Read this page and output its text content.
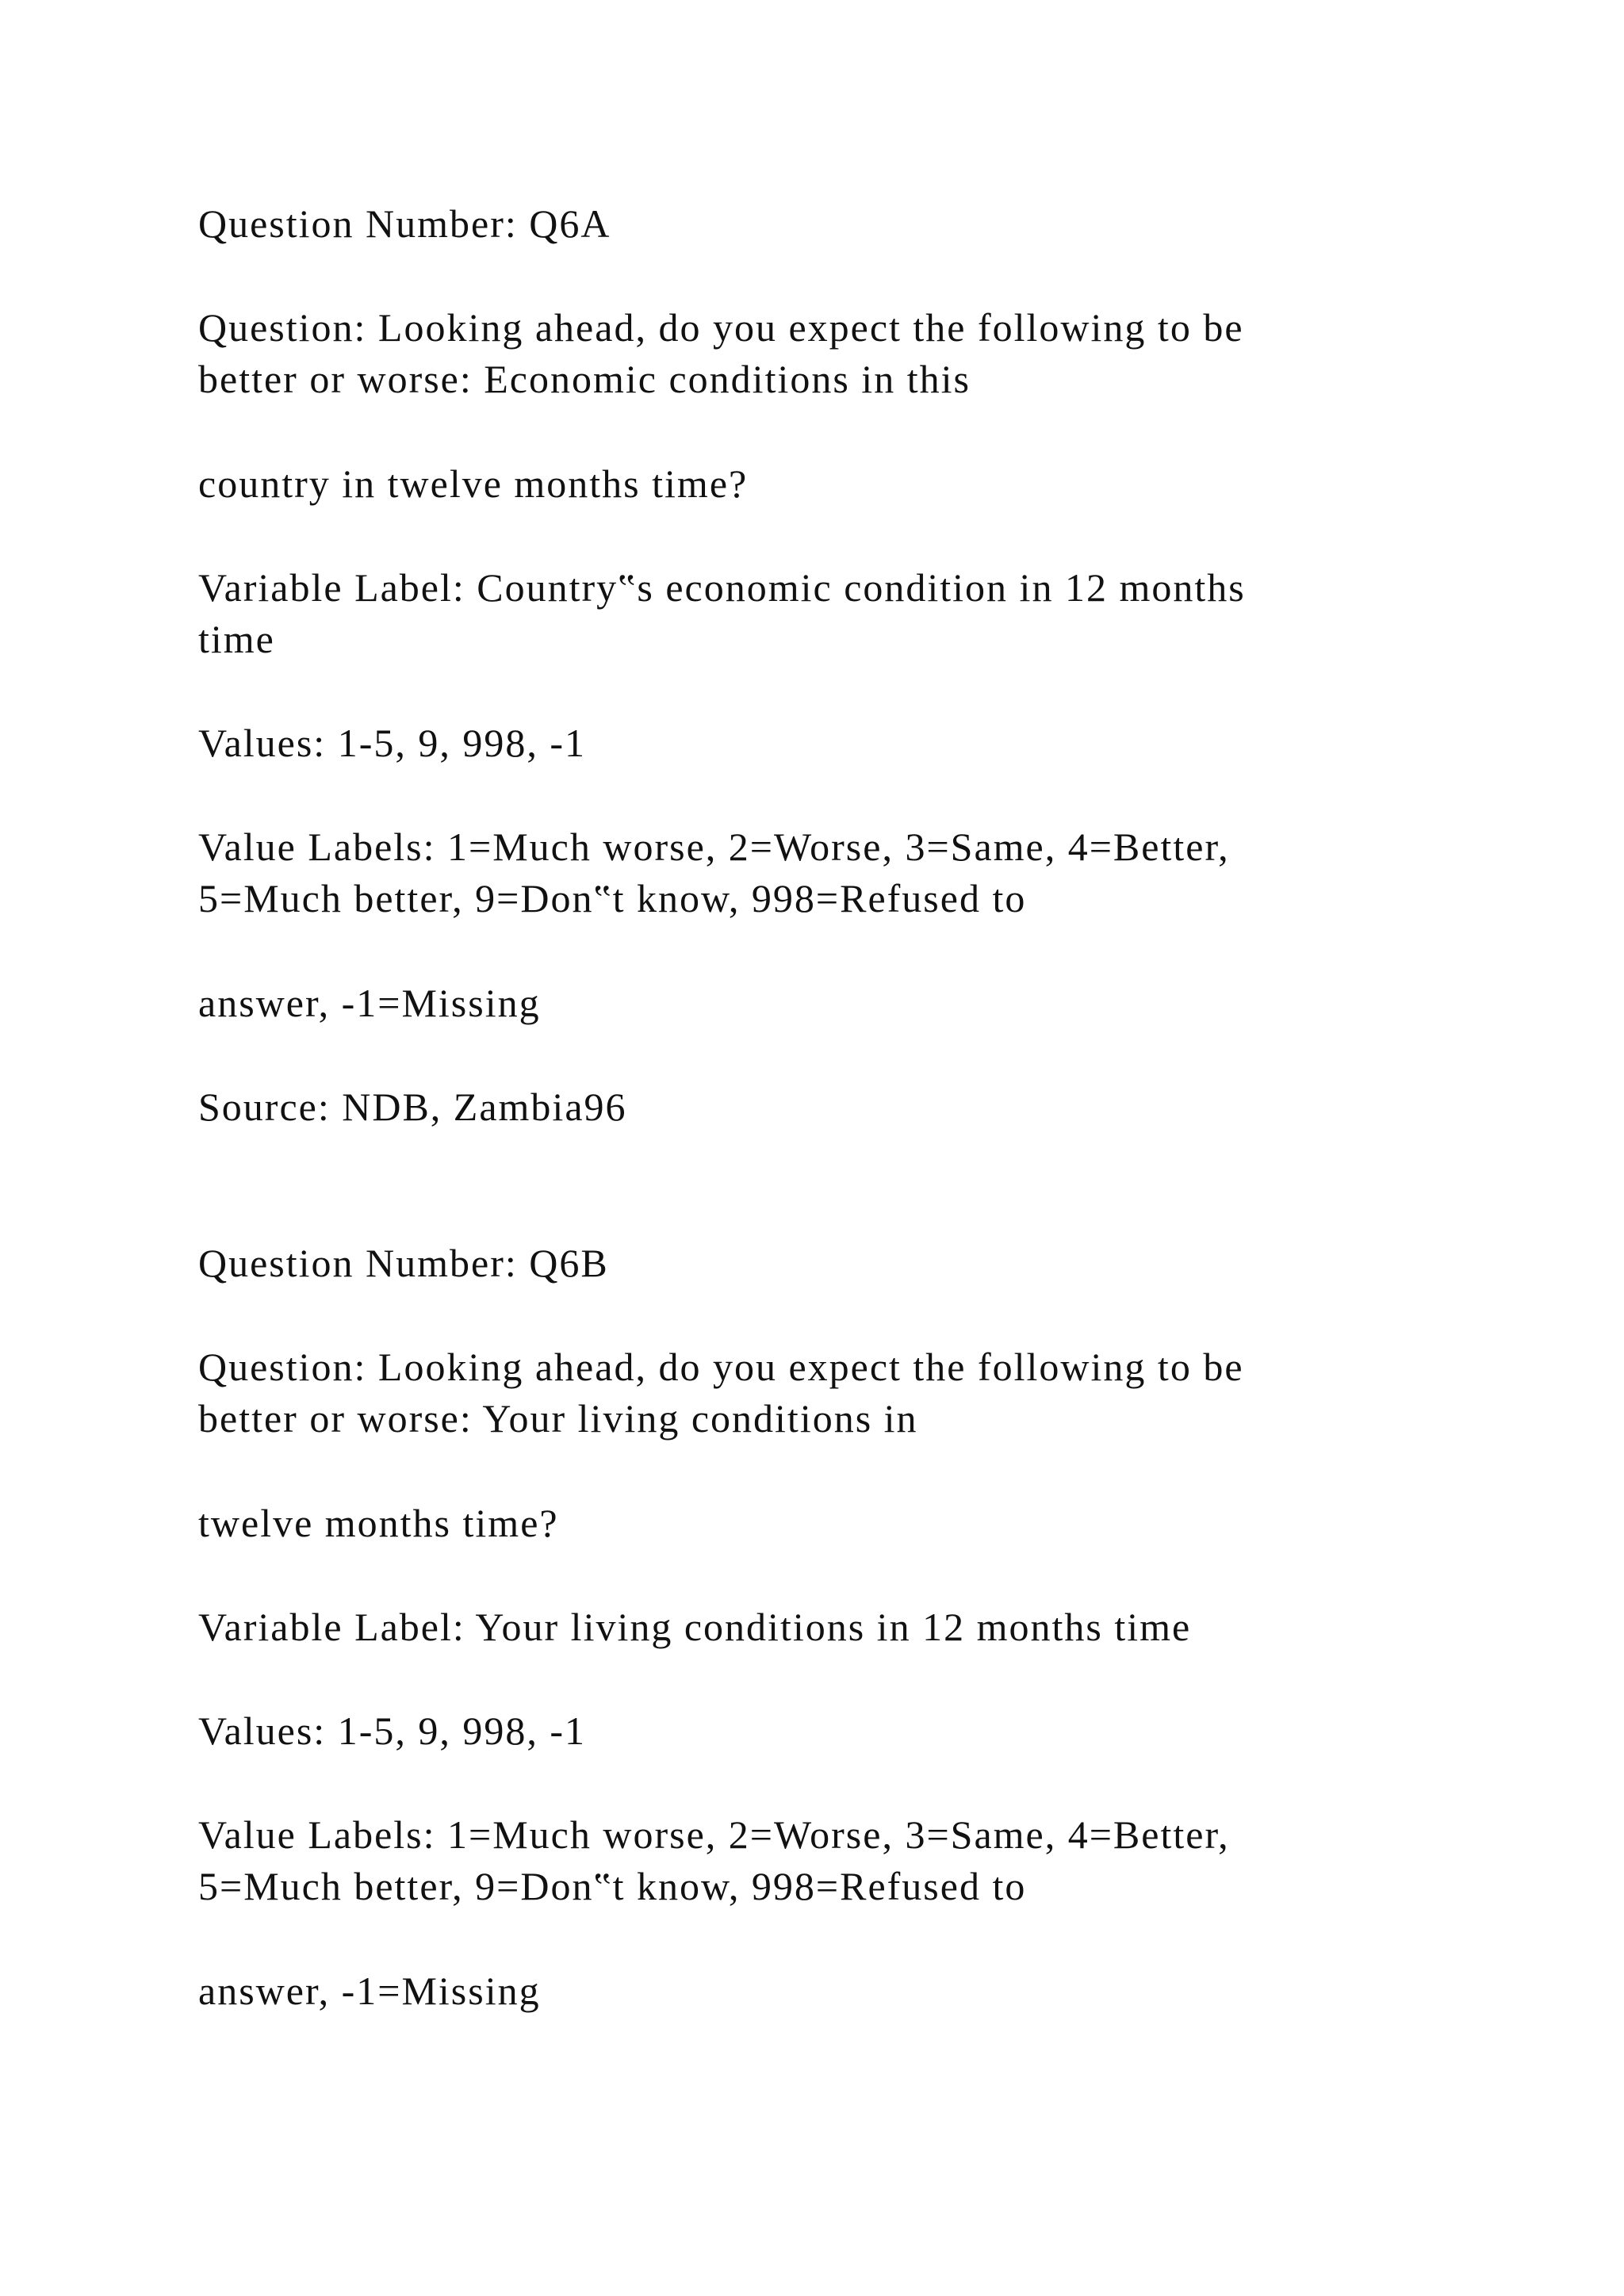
Question Number: Q6A
Question: Looking ahead, do you expect the following to be
better or worse: Economic conditions in this
country in twelve months time?
Variable Label: Country‟s economic condition in 12 months
time
Values: 1-5, 9, 998, -1
Value Labels: 1=Much worse, 2=Worse, 3=Same, 4=Better,
5=Much better, 9=Don‟t know, 998=Refused to
answer, -1=Missing
Source: NDB, Zambia96
Question Number: Q6B
Question: Looking ahead, do you expect the following to be
better or worse: Your living conditions in
twelve months time?
Variable Label: Your living conditions in 12 months time
Values: 1-5, 9, 998, -1
Value Labels: 1=Much worse, 2=Worse, 3=Same, 4=Better,
5=Much better, 9=Don‟t know, 998=Refused to
answer, -1=Missing
